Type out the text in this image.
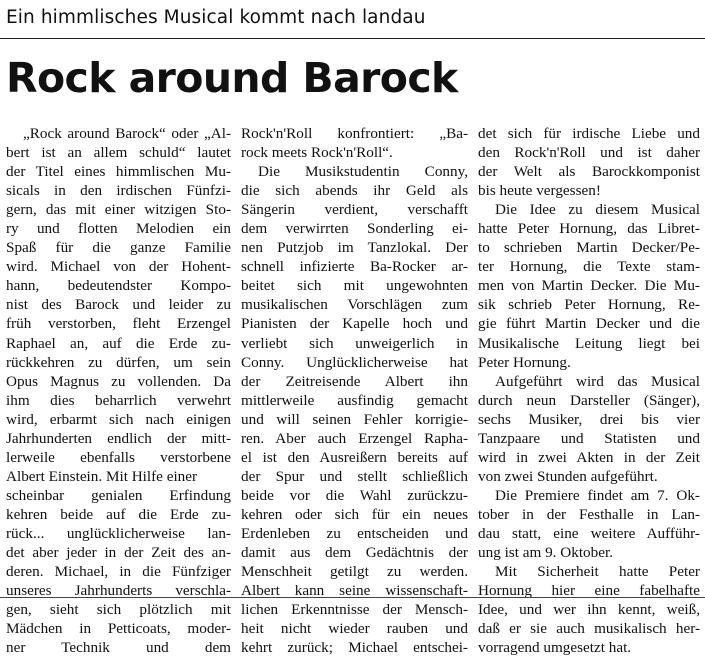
Ein himmlisches Musical kommt nach landau
Rock around Barock
„Rock around Barock“ oder „Al-
bert ist an allem schuld“ lautet
der Titel eines himmlischen Mu-
sicals in den irdischen Fünfzi-
gern, das mit einer witzigen Sto-
ry und flotten Melodien ein
Spaß für die ganze Familie
wird. Michael von der Hohent-
hann, bedeutendster Kompo-
nist des Barock und leider zu
früh verstorben, fleht Erzengel
Raphael an, auf die Erde zu-
rückkehren zu dürfen, um sein
Opus Magnus zu vollenden. Da
ihm dies beharrlich verwehrt
wird, erbarmt sich nach einigen
Jahrhunderten endlich der mitt-
lerweile ebenfalls verstorbene
Albert Einstein. Mit Hilfe einer
scheinbar genialen Erfindung
kehren beide auf die Erde zu-
rück... unglücklicherweise lan-
det aber jeder in der Zeit des an-
deren. Michael, in die Fünfziger
unseres Jahrhunderts verschla-
gen, sieht sich plötzlich mit
Mädchen in Petticoats, moder-
ner Technik und dem
Rock'n'Roll konfrontiert: „Ba-
rock meets Rock'n'Roll“.
Die Musikstudentin Conny,
die sich abends ihr Geld als
Sängerin verdient, verschafft
dem verwirrten Sonderling ei-
nen Putzjob im Tanzlokal. Der
schnell infizierte Ba-Rocker ar-
beitet sich mit ungewohnten
musikalischen Vorschlägen zum
Pianisten der Kapelle hoch und
verliebt sich unweigerlich in
Conny. Unglücklicherweise hat
der Zeitreisende Albert ihn
mittlerweile ausfindig gemacht
und will seinen Fehler korrigie-
ren. Aber auch Erzengel Rapha-
el ist den Ausreißern bereits auf
der Spur und stellt schließlich
beide vor die Wahl zurückzu-
kehren oder sich für ein neues
Erdenleben zu entscheiden und
damit aus dem Gedächtnis der
Menschheit getilgt zu werden.
Albert kann seine wissenschaft-
lichen Erkenntnisse der Mensch-
heit nicht wieder rauben und
kehrt zurück; Michael entschei-
det sich für irdische Liebe und
den Rock'n'Roll und ist daher
der Welt als Barockkomponist
bis heute vergessen!
Die Idee zu diesem Musical
hatte Peter Hornung, das Libret-
to schrieben Martin Decker/Pe-
ter Hornung, die Texte stam-
men von Martin Decker. Die Mu-
sik schrieb Peter Hornung, Re-
gie führt Martin Decker und die
Musikalische Leitung liegt bei
Peter Hornung.
Aufgeführt wird das Musical
durch neun Darsteller (Sänger),
sechs Musiker, drei bis vier
Tanzpaare und Statisten und
wird in zwei Akten in der Zeit
von zwei Stunden aufgeführt.
Die Premiere findet am 7. Ok-
tober in der Festhalle in Lan-
dau statt, eine weitere Aufführ-
ung ist am 9. Oktober.
Mit Sicherheit hatte Peter
Hornung hier eine fabelhafte
Idee, und wer ihn kennt, weiß,
daß er sie auch musikalisch her-
vorragend umgesetzt hat.
